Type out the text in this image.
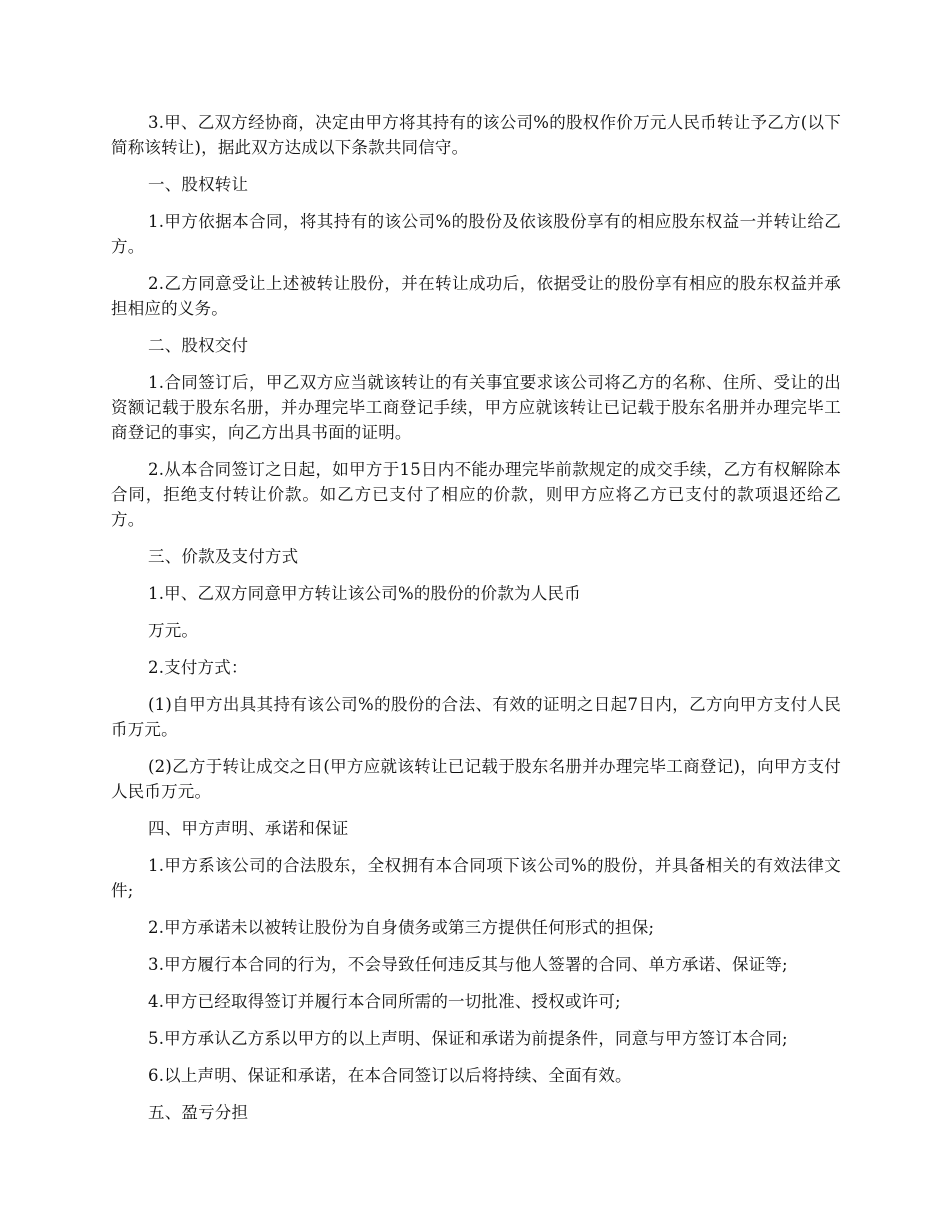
3.甲、乙双方经协商，决定由甲方将其持有的该公司%的股权作价万元人民币转让予乙方(以下简称该转让)，据此双方达成以下条款共同信守。

一、股权转让

1.甲方依据本合同，将其持有的该公司%的股份及依该股份享有的相应股东权益一并转让给乙方。

2.乙方同意受让上述被转让股份，并在转让成功后，依据受让的股份享有相应的股东权益并承担相应的义务。

二、股权交付

1.合同签订后，甲乙双方应当就该转让的有关事宜要求该公司将乙方的名称、住所、受让的出资额记载于股东名册，并办理完毕工商登记手续，甲方应就该转让已记载于股东名册并办理完毕工商登记的事实，向乙方出具书面的证明。

2.从本合同签订之日起，如甲方于15日内不能办理完毕前款规定的成交手续，乙方有权解除本合同，拒绝支付转让价款。如乙方已支付了相应的价款，则甲方应将乙方已支付的款项退还给乙方。

三、价款及支付方式

1.甲、乙双方同意甲方转让该公司%的股份的价款为人民币

万元。

2.支付方式：

(1)自甲方出具其持有该公司%的股份的合法、有效的证明之日起7日内，乙方向甲方支付人民币万元。

(2)乙方于转让成交之日(甲方应就该转让已记载于股东名册并办理完毕工商登记)，向甲方支付人民币万元。

四、甲方声明、承诺和保证

1.甲方系该公司的合法股东，全权拥有本合同项下该公司%的股份，并具备相关的有效法律文件;

2.甲方承诺未以被转让股份为自身债务或第三方提供任何形式的担保;

3.甲方履行本合同的行为，不会导致任何违反其与他人签署的合同、单方承诺、保证等;

4.甲方已经取得签订并履行本合同所需的一切批准、授权或许可;

5.甲方承认乙方系以甲方的以上声明、保证和承诺为前提条件，同意与甲方签订本合同;

6.以上声明、保证和承诺，在本合同签订以后将持续、全面有效。

五、盈亏分担
